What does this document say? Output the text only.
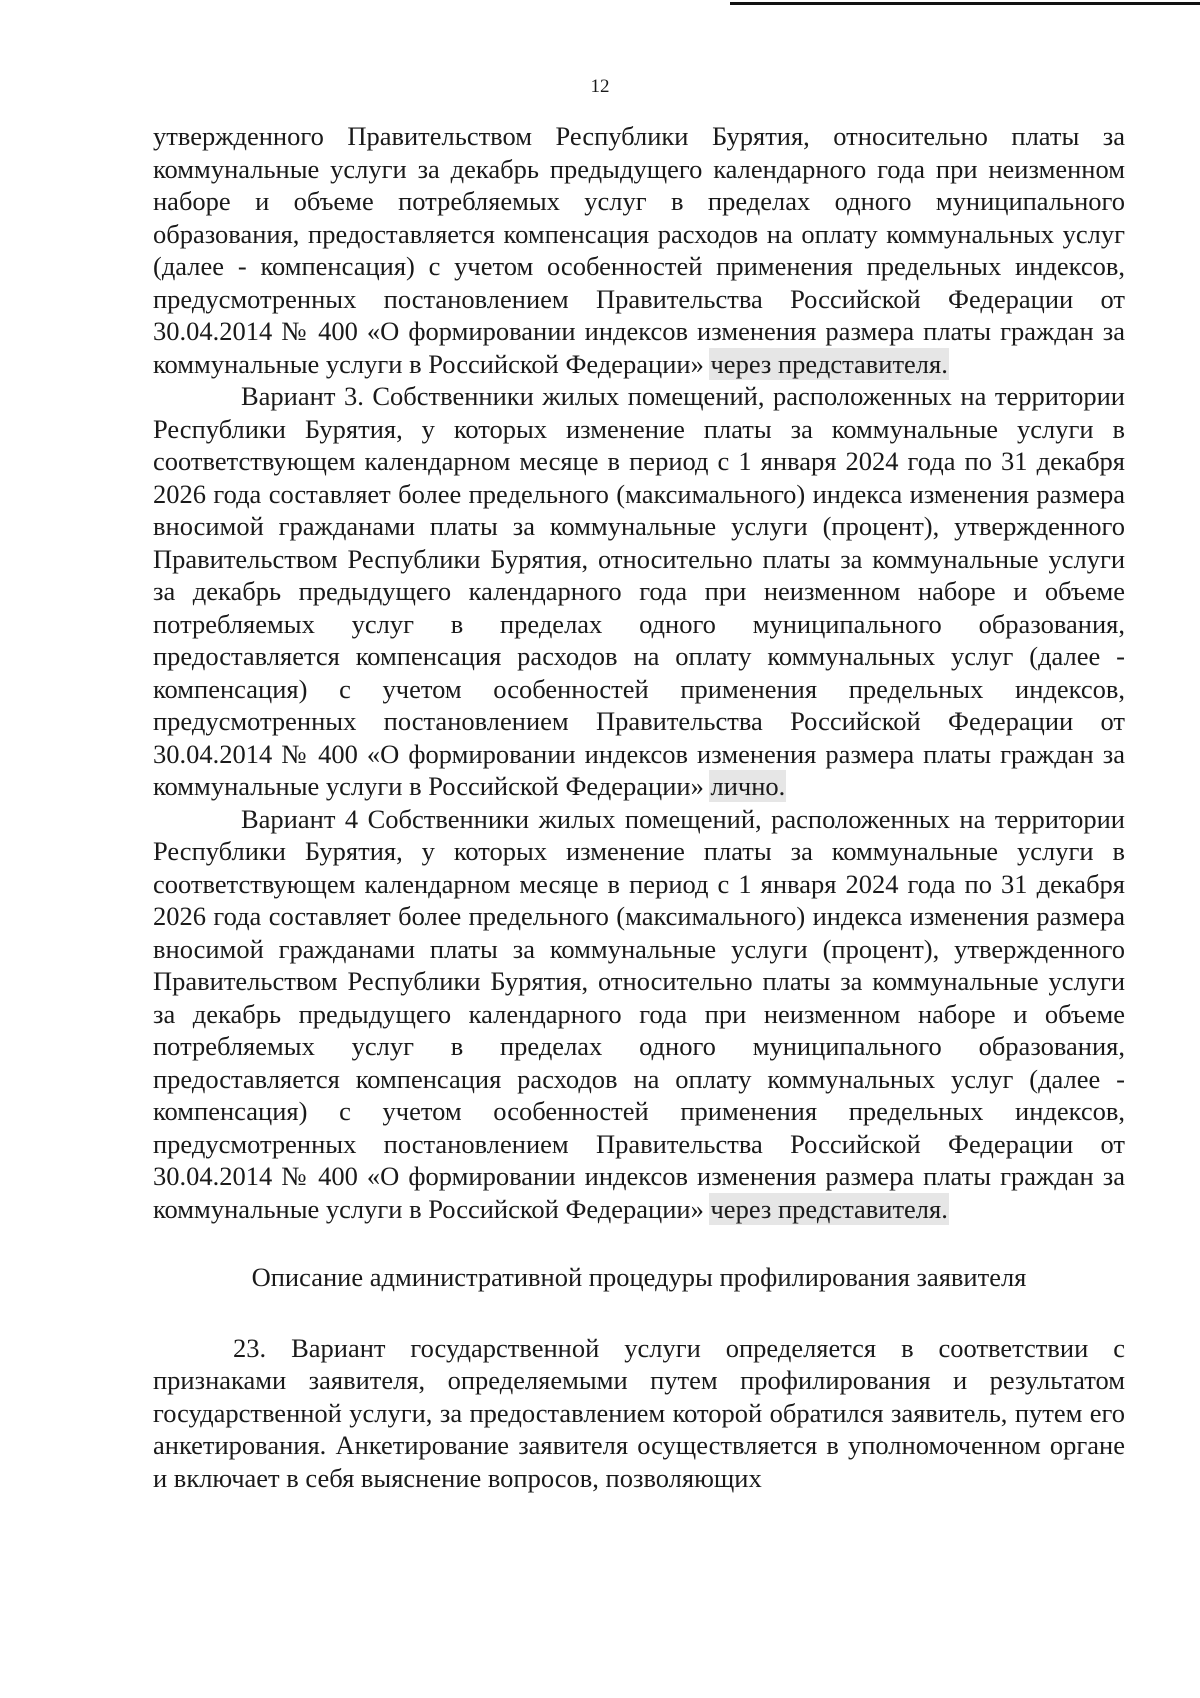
12

утвержденного Правительством Республики Бурятия, относительно платы за коммунальные услуги за декабрь предыдущего календарного года при неизменном наборе и объеме потребляемых услуг в пределах одного муниципального образования, предоставляется компенсация расходов на оплату коммунальных услуг (далее - компенсация) с учетом особенностей применения предельных индексов, предусмотренных постановлением Правительства Российской Федерации от 30.04.2014 № 400 «О формировании индексов изменения размера платы граждан за коммунальные услуги в Российской Федерации» через представителя.

Вариант 3. Собственники жилых помещений, расположенных на территории Республики Бурятия, у которых изменение платы за коммунальные услуги в соответствующем календарном месяце в период с 1 января 2024 года по 31 декабря 2026 года составляет более предельного (максимального) индекса изменения размера вносимой гражданами платы за коммунальные услуги (процент), утвержденного Правительством Республики Бурятия, относительно платы за коммунальные услуги за декабрь предыдущего календарного года при неизменном наборе и объеме потребляемых услуг в пределах одного муниципального образования, предоставляется компенсация расходов на оплату коммунальных услуг (далее - компенсация) с учетом особенностей применения предельных индексов, предусмотренных постановлением Правительства Российской Федерации от 30.04.2014 № 400 «О формировании индексов изменения размера платы граждан за коммунальные услуги в Российской Федерации» лично.

Вариант 4 Собственники жилых помещений, расположенных на территории Республики Бурятия, у которых изменение платы за коммунальные услуги в соответствующем календарном месяце в период с 1 января 2024 года по 31 декабря 2026 года составляет более предельного (максимального) индекса изменения размера вносимой гражданами платы за коммунальные услуги (процент), утвержденного Правительством Республики Бурятия, относительно платы за коммунальные услуги за декабрь предыдущего календарного года при неизменном наборе и объеме потребляемых услуг в пределах одного муниципального образования, предоставляется компенсация расходов на оплату коммунальных услуг (далее - компенсация) с учетом особенностей применения предельных индексов, предусмотренных постановлением Правительства Российской Федерации от 30.04.2014 № 400 «О формировании индексов изменения размера платы граждан за коммунальные услуги в Российской Федерации» через представителя.

Описание административной процедуры профилирования заявителя

23. Вариант государственной услуги определяется в соответствии с признаками заявителя, определяемыми путем профилирования и результатом государственной услуги, за предоставлением которой обратился заявитель, путем его анкетирования. Анкетирование заявителя осуществляется в уполномоченном органе и включает в себя выяснение вопросов, позволяющих
